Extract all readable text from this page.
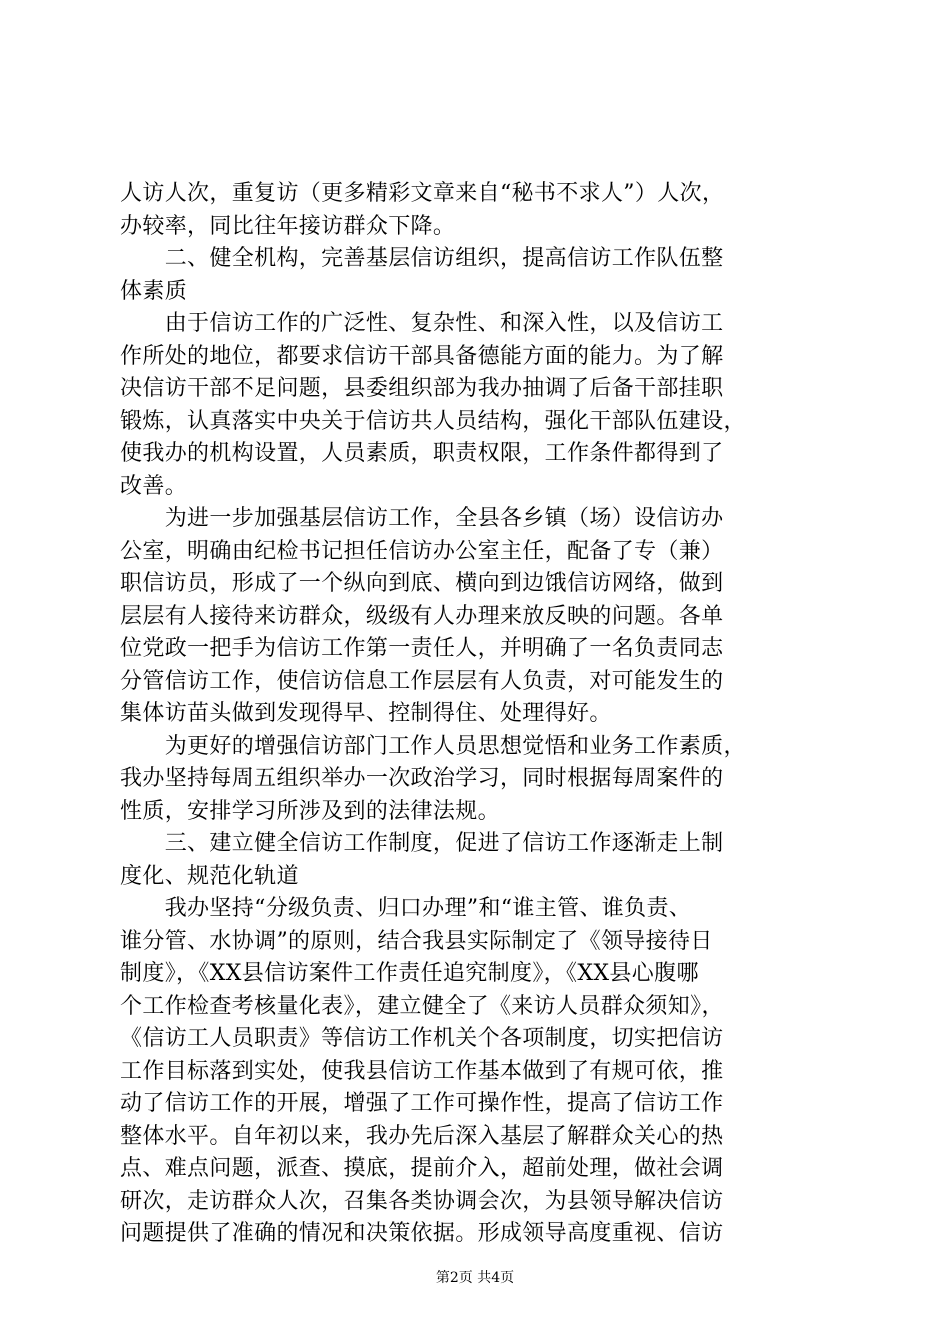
人访人次，重复访（更多精彩文章来自“秘书不求人”）人次，
办较率，同比往年接访群众下降。
　　二、健全机构，完善基层信访组织，提高信访工作队伍整
体素质
　　由于信访工作的广泛性、复杂性、和深入性，以及信访工
作所处的地位，都要求信访干部具备德能方面的能力。为了解
决信访干部不足问题，县委组织部为我办抽调了后备干部挂职
锻炼，认真落实中央关于信访共人员结构，强化干部队伍建设，
使我办的机构设置，人员素质，职责权限，工作条件都得到了
改善。
　　为进一步加强基层信访工作，全县各乡镇（场）设信访办
公室，明确由纪检书记担任信访办公室主任，配备了专（兼）
职信访员，形成了一个纵向到底、横向到边饿信访网络，做到
层层有人接待来访群众，级级有人办理来放反映的问题。各单
位党政一把手为信访工作第一责任人，并明确了一名负责同志
分管信访工作，使信访信息工作层层有人负责，对可能发生的
集体访苗头做到发现得早、控制得住、处理得好。
　　为更好的增强信访部门工作人员思想觉悟和业务工作素质，
我办坚持每周五组织举办一次政治学习，同时根据每周案件的
性质，安排学习所涉及到的法律法规。
　　三、建立健全信访工作制度，促进了信访工作逐渐走上制
度化、规范化轨道
　　我办坚持“分级负责、归口办理”和“谁主管、谁负责、
谁分管、水协调”的原则，结合我县实际制定了《领导接待日
制度》，《XX县信访案件工作责任追究制度》，《XX县心腹哪
个工作检查考核量化表》，建立健全了《来访人员群众须知》，
《信访工人员职责》等信访工作机关个各项制度，切实把信访
工作目标落到实处，使我县信访工作基本做到了有规可依，推
动了信访工作的开展，增强了工作可操作性，提高了信访工作
整体水平。自年初以来，我办先后深入基层了解群众关心的热
点、难点问题，派查、摸底，提前介入，超前处理，做社会调
研次，走访群众人次，召集各类协调会次，为县领导解决信访
问题提供了准确的情况和决策依据。形成领导高度重视、信访
第2页 共4页
